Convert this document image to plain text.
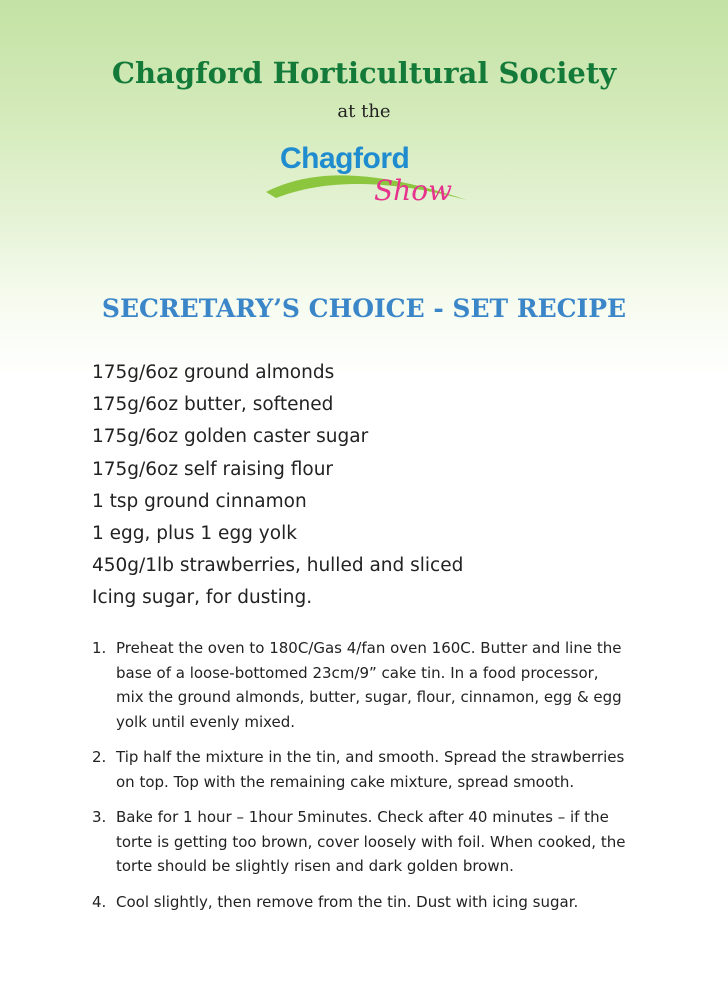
Chagford Horticultural Society
at the
Chagford
Show
SECRETARY’S CHOICE - SET RECIPE
175g/6oz ground almonds
175g/6oz butter, softened
175g/6oz golden caster sugar
175g/6oz self raising flour
1 tsp ground cinnamon
1 egg, plus 1 egg yolk
450g/1lb strawberries, hulled and sliced
Icing sugar, for dusting.
1. Preheat the oven to 180C/Gas 4/fan oven 160C. Butter and line the base of a loose-bottomed 23cm/9” cake tin. In a food processor, mix the ground almonds, butter, sugar, flour, cinnamon, egg & egg yolk until evenly mixed.
2. Tip half the mixture in the tin, and smooth. Spread the strawberries on top. Top with the remaining cake mixture, spread smooth.
3. Bake for 1 hour – 1hour 5minutes. Check after 40 minutes – if the torte is getting too brown, cover loosely with foil. When cooked, the torte should be slightly risen and dark golden brown.
4. Cool slightly, then remove from the tin. Dust with icing sugar.
